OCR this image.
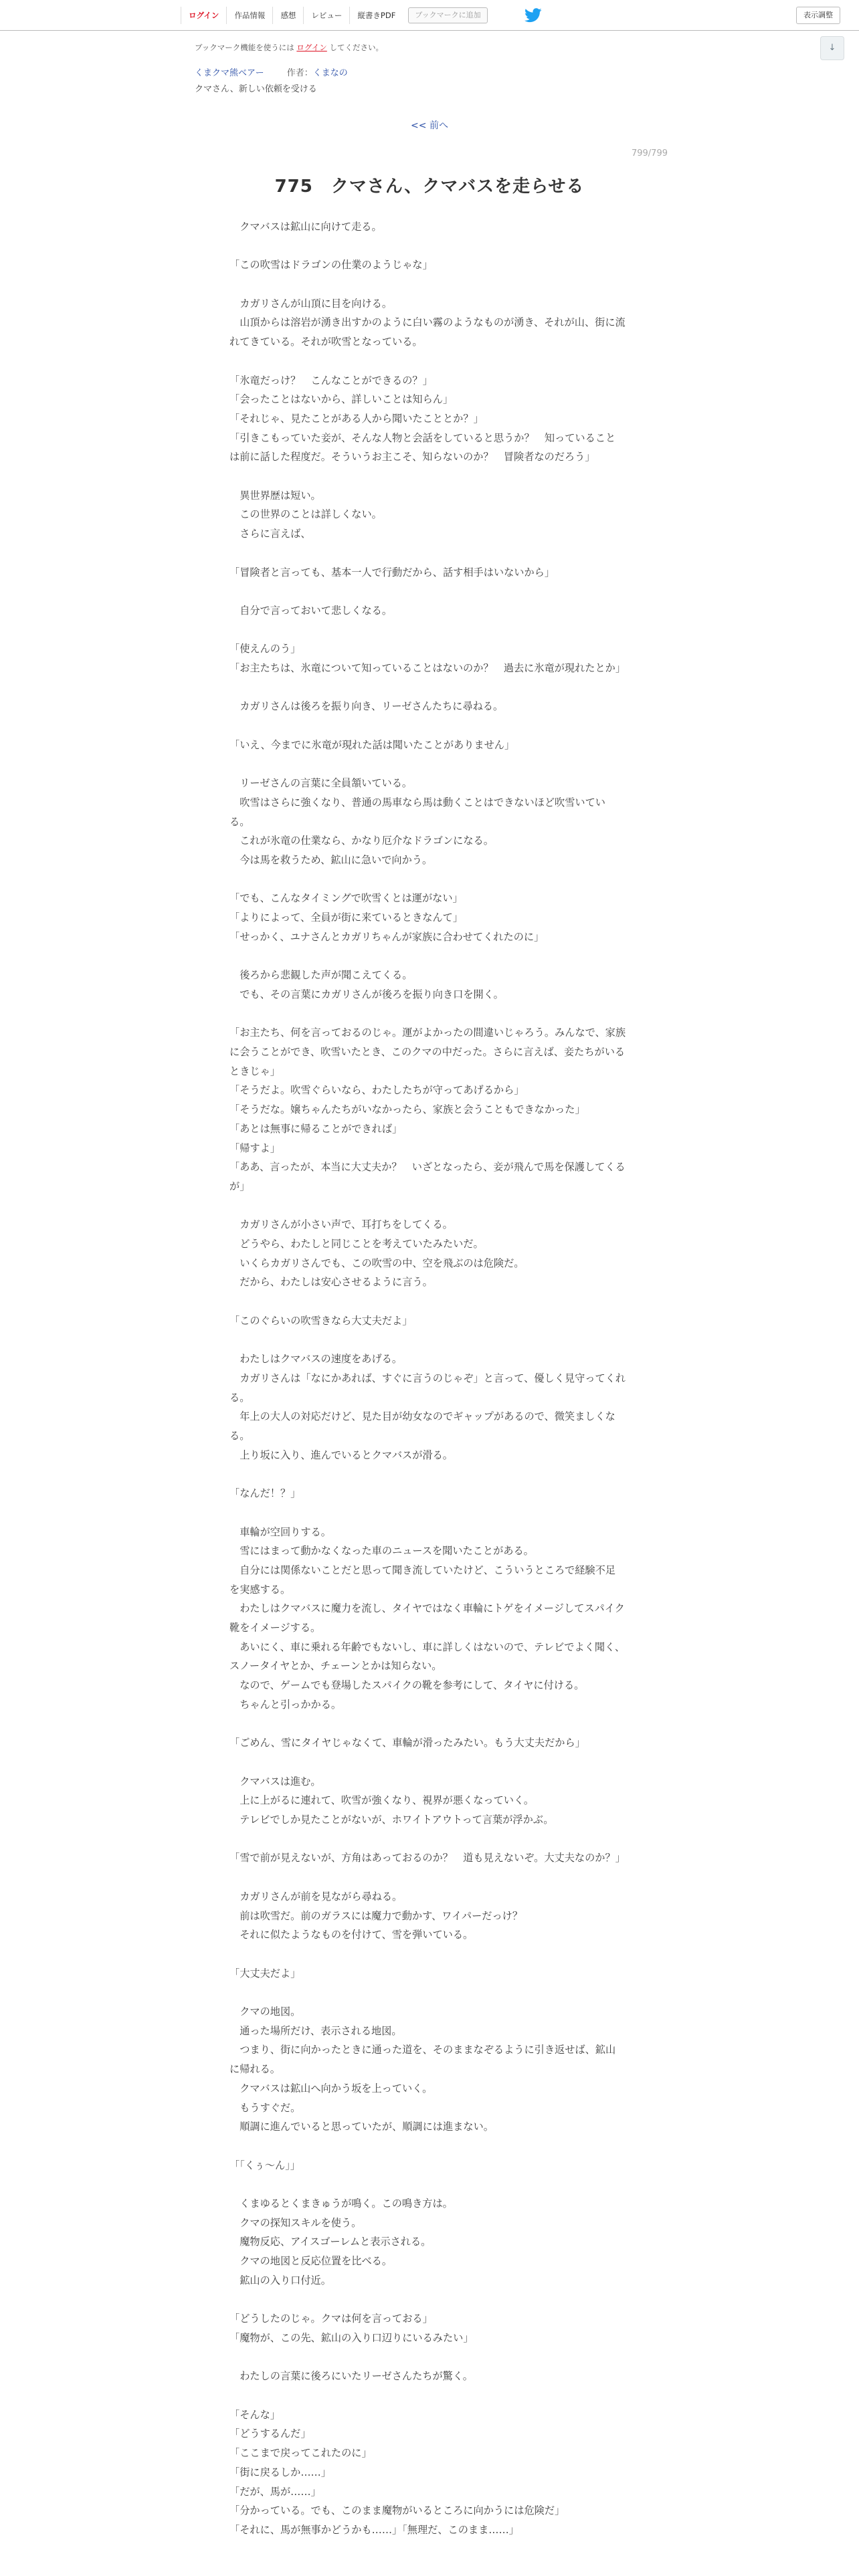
ログイン	作品情報	感想	レビュー	縦書きPDF	ブックマークに追加	表示調整
↓
ブックマーク機能を使うには ログイン してください。
くまクマ熊ベアー	作者：くまなの
クマさん、新しい依頼を受ける
<< 前へ
799/799
775　クマさん、クマバスを走らせる

　クマバスは鉱山に向けて走る。

「この吹雪はドラゴンの仕業のようじゃな」

　カガリさんが山頂に目を向ける。

　山頂からは溶岩が湧き出すかのように白い霧のようなものが湧き、それが山、街に流れてきている。それが吹雪となっている。

「氷竜だっけ？　こんなことができるの？」

「会ったことはないから、詳しいことは知らん」

「それじゃ、見たことがある人から聞いたこととか？」

「引きこもっていた妾が、そんな人物と会話をしていると思うか？　知っていることは前に話した程度だ。そういうお主こそ、知らないのか？　冒険者なのだろう」

　異世界歴は短い。

　この世界のことは詳しくない。

　さらに言えば、

「冒険者と言っても、基本一人で行動だから、話す相手はいないから」

　自分で言っておいて悲しくなる。

「使えんのう」

「お主たちは、氷竜について知っていることはないのか？　過去に氷竜が現れたとか」

　カガリさんは後ろを振り向き、リーゼさんたちに尋ねる。

「いえ、今までに氷竜が現れた話は聞いたことがありません」

　リーゼさんの言葉に全員頷いている。

　吹雪はさらに強くなり、普通の馬車なら馬は動くことはできないほど吹雪いている。

　これが氷竜の仕業なら、かなり厄介なドラゴンになる。

　今は馬を救うため、鉱山に急いで向かう。

「でも、こんなタイミングで吹雪くとは運がない」

「よりによって、全員が街に来ているときなんて」

「せっかく、ユナさんとカガリちゃんが家族に合わせてくれたのに」

　後ろから悲観した声が聞こえてくる。

　でも、その言葉にカガリさんが後ろを振り向き口を開く。

「お主たち、何を言っておるのじゃ。運がよかったの間違いじゃろう。みんなで、家族に会うことができ、吹雪いたとき、このクマの中だった。さらに言えば、妾たちがいるときじゃ」

「そうだよ。吹雪ぐらいなら、わたしたちが守ってあげるから」

「そうだな。嬢ちゃんたちがいなかったら、家族と会うこともできなかった」

「あとは無事に帰ることができれば」

「帰すよ」

「ああ、言ったが、本当に大丈夫か？　いざとなったら、妾が飛んで馬を保護してくるが」

　カガリさんが小さい声で、耳打ちをしてくる。

　どうやら、わたしと同じことを考えていたみたいだ。

　いくらカガリさんでも、この吹雪の中、空を飛ぶのは危険だ。

　だから、わたしは安心させるように言う。

「このぐらいの吹雪きなら大丈夫だよ」

　わたしはクマバスの速度をあげる。

　カガリさんは「なにかあれば、すぐに言うのじゃぞ」と言って、優しく見守ってくれる。

　年上の大人の対応だけど、見た目が幼女なのでギャップがあるので、微笑ましくなる。

　上り坂に入り、進んでいるとクマバスが滑る。

「なんだ！？」

　車輪が空回りする。

　雪にはまって動かなくなった車のニュースを聞いたことがある。

　自分には関係ないことだと思って聞き流していたけど、こういうところで経験不足を実感する。

　わたしはクマバスに魔力を流し、タイヤではなく車輪にトゲをイメージしてスパイク靴をイメージする。

　あいにく、車に乗れる年齢でもないし、車に詳しくはないので、テレビでよく聞く、スノータイヤとか、チェーンとかは知らない。

　なので、ゲームでも登場したスパイクの靴を参考にして、タイヤに付ける。

　ちゃんと引っかかる。

「ごめん、雪にタイヤじゃなくて、車輪が滑ったみたい。もう大丈夫だから」

　クマバスは進む。

　上に上がるに連れて、吹雪が強くなり、視界が悪くなっていく。

　テレビでしか見たことがないが、ホワイトアウトって言葉が浮かぶ。

「雪で前が見えないが、方角はあっておるのか？　道も見えないぞ。大丈夫なのか？」

　カガリさんが前を見ながら尋ねる。

　前は吹雪だ。前のガラスには魔力で動かす、ワイパーだっけ？

　それに似たようなものを付けて、雪を弾いている。

「大丈夫だよ」

　クマの地図。

　通った場所だけ、表示される地図。

　つまり、街に向かったときに通った道を、そのままなぞるように引き返せば、鉱山に帰れる。

　クマバスは鉱山へ向かう坂を上っていく。

　もうすぐだ。

　順調に進んでいると思っていたが、順調には進まない。

「「くぅ～ん」」

　くまゆるとくまきゅうが鳴く。この鳴き方は。

　クマの探知スキルを使う。

　魔物反応、アイスゴーレムと表示される。

　クマの地図と反応位置を比べる。

　鉱山の入り口付近。

「どうしたのじゃ。クマは何を言っておる」

「魔物が、この先、鉱山の入り口辺りにいるみたい」

　わたしの言葉に後ろにいたリーゼさんたちが驚く。

「そんな」

「どうするんだ」

「ここまで戻ってこれたのに」

「街に戻るしか……」

「だが、馬が……」

「分かっている。でも、このまま魔物がいるところに向かうには危険だ」

「それに、馬が無事かどうかも……」「無理だ、このまま……」
